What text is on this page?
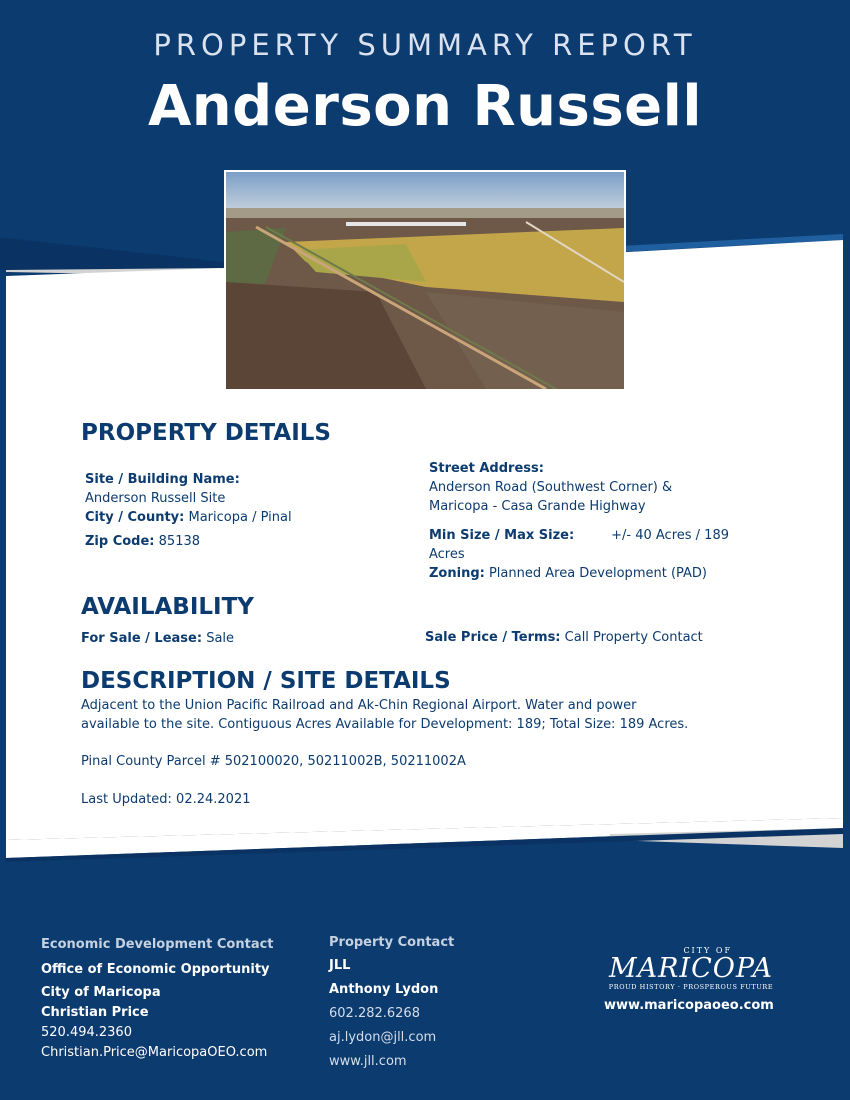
PROPERTY SUMMARY REPORT
Anderson Russell
PROPERTY DETAILS
Site / Building Name:
Anderson Russell Site
City / County: Maricopa / Pinal
Zip Code: 85138
Street Address:
Anderson Road (Southwest Corner) &
Maricopa - Casa Grande Highway
Min Size / Max Size:	+/- 40 Acres / 189
Acres
Zoning: Planned Area Development (PAD)
AVAILABILITY
For Sale / Lease: Sale	Sale Price / Terms: Call Property Contact
DESCRIPTION / SITE DETAILS
Adjacent to the Union Pacific Railroad and Ak-Chin Regional Airport. Water and power
available to the site. Contiguous Acres Available for Development: 189; Total Size: 189 Acres.
Pinal County Parcel # 502100020, 50211002B, 50211002A
Last Updated: 02.24.2021
Economic Development Contact
Office of Economic Opportunity
City of Maricopa
Christian Price
520.494.2360
Christian.Price@MaricopaOEO.com
Property Contact
JLL
Anthony Lydon
602.282.6268
aj.lydon@jll.com
www.jll.com
CITY OF
MARICOPA
PROUD HISTORY · PROSPEROUS FUTURE
www.maricopaoeo.com
